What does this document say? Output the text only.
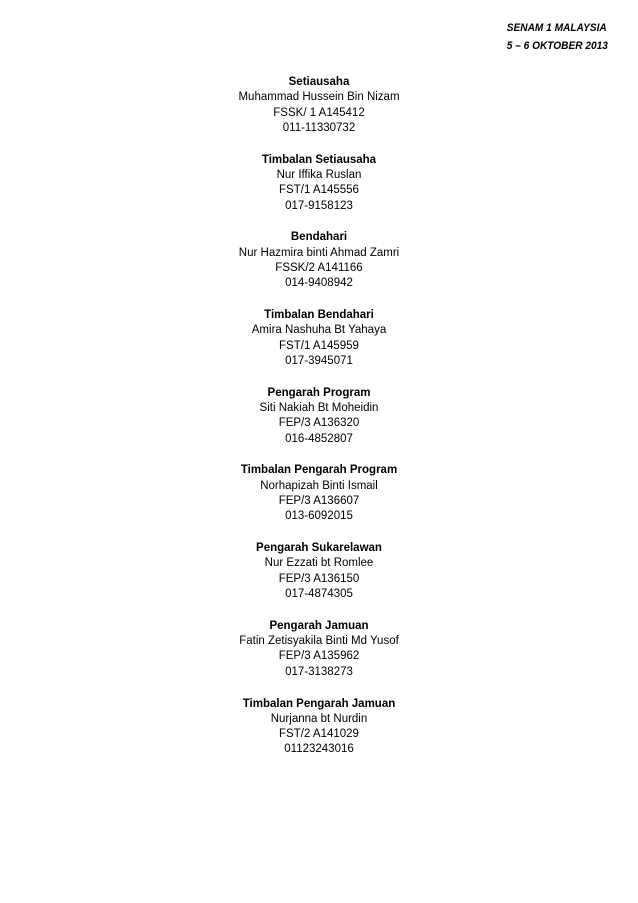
SENAM 1 MALAYSIA
5 – 6 OKTOBER 2013
Setiausaha
Muhammad Hussein Bin Nizam
FSSK/ 1 A145412
011-11330732
Timbalan Setiausaha
Nur Iffika Ruslan
FST/1 A145556
017-9158123
Bendahari
Nur Hazmira binti Ahmad Zamri
FSSK/2 A141166
014-9408942
Timbalan Bendahari
Amira Nashuha Bt Yahaya
FST/1 A145959
017-3945071
Pengarah Program
Siti Nakiah Bt Moheidin
FEP/3 A136320
016-4852807
Timbalan Pengarah Program
Norhapizah Binti Ismail
FEP/3 A136607
013-6092015
Pengarah Sukarelawan
Nur Ezzati bt Romlee
FEP/3 A136150
017-4874305
Pengarah Jamuan
Fatin Zetisyakila Binti Md Yusof
FEP/3 A135962
017-3138273
Timbalan Pengarah Jamuan
Nurjanna bt Nurdin
FST/2 A141029
01123243016
